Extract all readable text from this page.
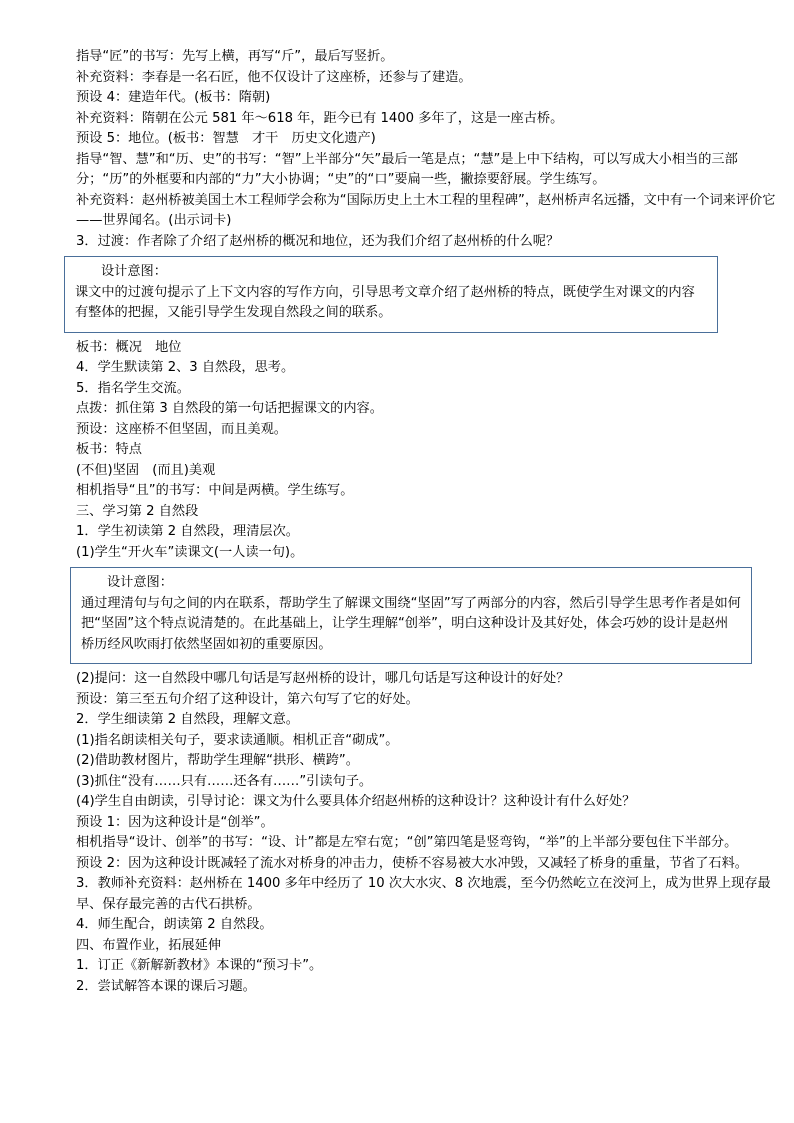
指导“匠”的书写：先写上横，再写“斤”，最后写竖折。

补充资料：李春是一名石匠，他不仅设计了这座桥，还参与了建造。

预设 4：建造年代。(板书：隋朝)

补充资料：隋朝在公元 581 年～618 年，距今已有 1400 多年了，这是一座古桥。

预设 5：地位。(板书：智慧　才干　历史文化遗产)

指导“智、慧”和“历、史”的书写：“智”上半部分“矢”最后一笔是点；“慧”是上中下结构，可以写成大小相当的三部分；“历”的外框要和内部的“力”大小协调；“史”的“口”要扁一些，撇捺要舒展。学生练写。

补充资料：赵州桥被美国土木工程师学会称为“国际历史上土木工程的里程碑”，赵州桥声名远播，文中有一个词来评价它——世界闻名。(出示词卡)

3．过渡：作者除了介绍了赵州桥的概况和地位，还为我们介绍了赵州桥的什么呢？

设计意图：
课文中的过渡句提示了上下文内容的写作方向，引导思考文章介绍了赵州桥的特点，既使学生对课文的内容有整体的把握，又能引导学生发现自然段之间的联系。

板书：概况　地位

4．学生默读第 2、3 自然段，思考。

5．指名学生交流。

点拨：抓住第 3 自然段的第一句话把握课文的内容。

预设：这座桥不但坚固，而且美观。

板书：特点

(不但)坚固　(而且)美观

相机指导“且”的书写：中间是两横。学生练写。

三、学习第 2 自然段

1．学生初读第 2 自然段，理清层次。

(1)学生“开火车”读课文(一人读一句)。

设计意图：
通过理清句与句之间的内在联系，帮助学生了解课文围绕“坚固”写了两部分的内容，然后引导学生思考作者是如何把“坚固”这个特点说清楚的。在此基础上，让学生理解“创举”，明白这种设计及其好处，体会巧妙的设计是赵州桥历经风吹雨打依然坚固如初的重要原因。

(2)提问：这一自然段中哪几句话是写赵州桥的设计，哪几句话是写这种设计的好处？

预设：第三至五句介绍了这种设计，第六句写了它的好处。

2．学生细读第 2 自然段，理解文意。

(1)指名朗读相关句子，要求读通顺。相机正音“砌成”。

(2)借助教材图片，帮助学生理解“拱形、横跨”。

(3)抓住“没有……只有……还各有……”引读句子。

(4)学生自由朗读，引导讨论：课文为什么要具体介绍赵州桥的这种设计？这种设计有什么好处？

预设 1：因为这种设计是“创举”。

相机指导“设计、创举”的书写：“设、计”都是左窄右宽；“创”第四笔是竖弯钩，“举”的上半部分要包住下半部分。

预设 2：因为这种设计既减轻了流水对桥身的冲击力，使桥不容易被大水冲毁，又减轻了桥身的重量，节省了石料。

3．教师补充资料：赵州桥在 1400 多年中经历了 10 次大水灾、8 次地震，至今仍然屹立在洨河上，成为世界上现存最早、保存最完善的古代石拱桥。

4．师生配合，朗读第 2 自然段。

四、布置作业，拓展延伸

1．订正《新解新教材》本课的“预习卡”。

2．尝试解答本课的课后习题。
